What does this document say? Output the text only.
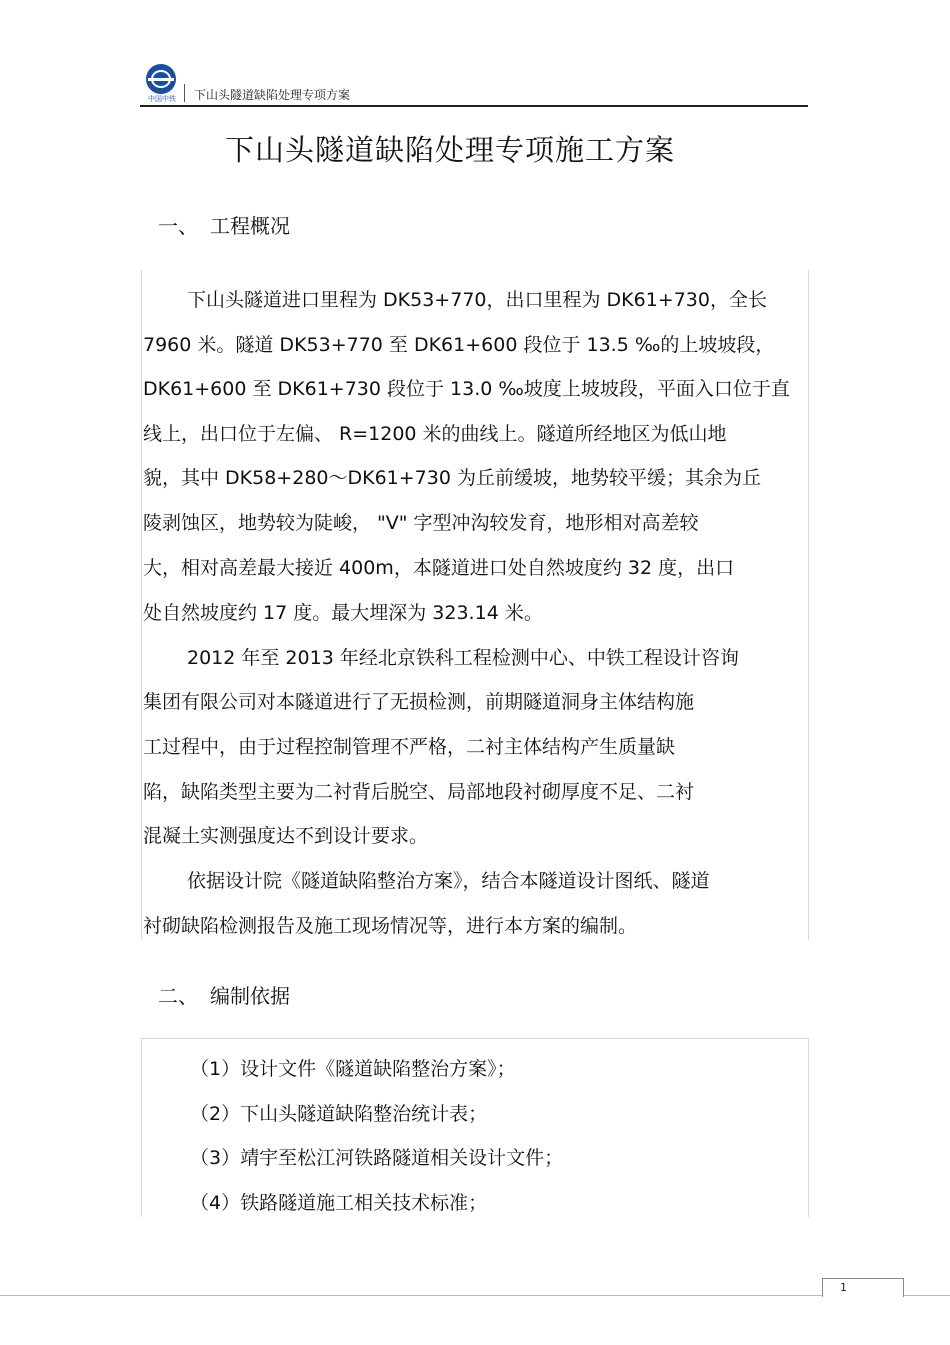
中国中铁	下山头隧道缺陷处理专项方案
下山头隧道缺陷处理专项施工方案
一、 工程概况
下山头隧道进口里程为 DK53+770，出口里程为 DK61+730，全长
7960 米。隧道 DK53+770 至 DK61+600 段位于 13.5 ‰的上坡坡段，
DK61+600 至 DK61+730 段位于 13.0 ‰坡度上坡坡段，平面入口位于直
线上，出口位于左偏、 R=1200 米的曲线上。隧道所经地区为低山地
貌，其中 DK58+280～DK61+730 为丘前缓坡，地势较平缓；其余为丘
陵剥蚀区，地势较为陡峻， "V" 字型冲沟较发育，地形相对高差较
大，相对高差最大接近 400m，本隧道进口处自然坡度约 32 度，出口
处自然坡度约 17 度。最大埋深为 323.14 米。
2012 年至 2013 年经北京铁科工程检测中心、中铁工程设计咨询
集团有限公司对本隧道进行了无损检测，前期隧道洞身主体结构施
工过程中，由于过程控制管理不严格，二衬主体结构产生质量缺
陷，缺陷类型主要为二衬背后脱空、局部地段衬砌厚度不足、二衬
混凝土实测强度达不到设计要求。
依据设计院《隧道缺陷整治方案》，结合本隧道设计图纸、隧道
衬砌缺陷检测报告及施工现场情况等，进行本方案的编制。
二、 编制依据
（1）设计文件《隧道缺陷整治方案》；
（2）下山头隧道缺陷整治统计表；
（3）靖宇至松江河铁路隧道相关设计文件；
（4）铁路隧道施工相关技术标准；
1
